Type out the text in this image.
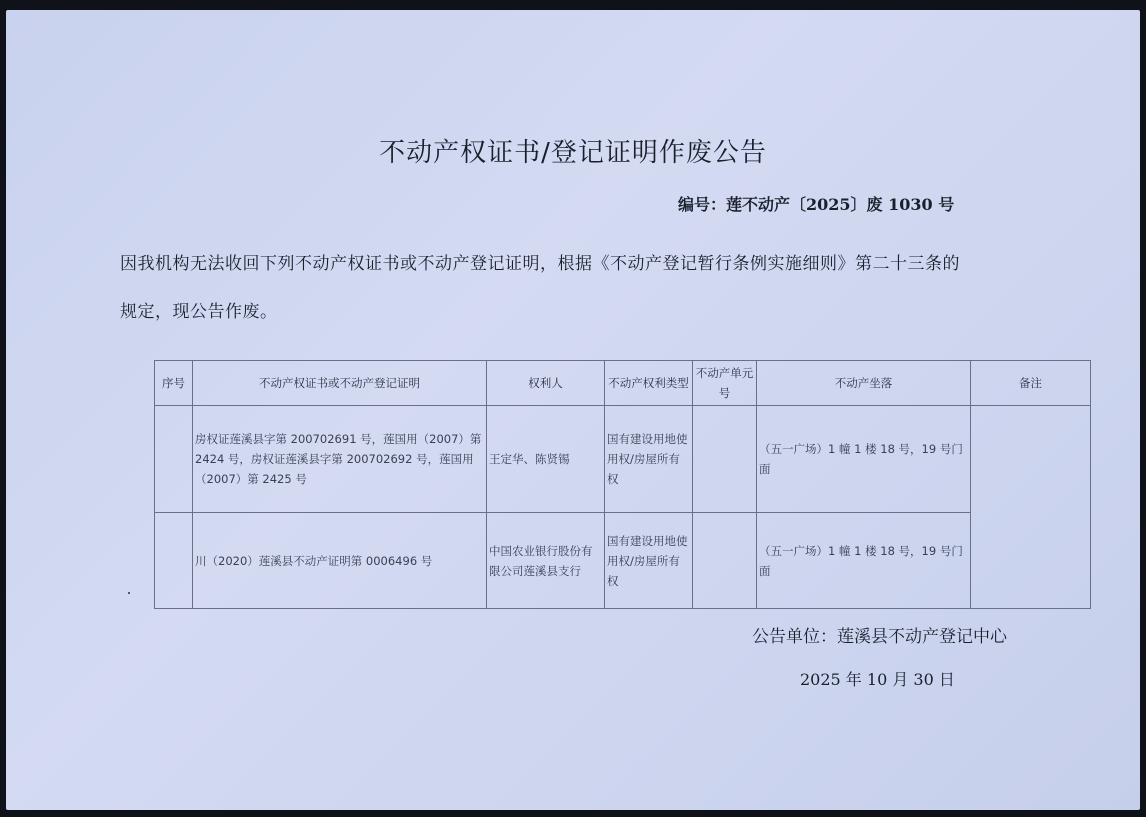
不动产权证书/登记证明作废公告
编号：莲不动产〔2025〕废 1030 号
因我机构无法收回下列不动产权证书或不动产登记证明，根据《不动产登记暂行条例实施细则》第二十三条的
规定，现公告作废。
序号	不动产权证书或不动产登记证明	权利人	不动产权利类型	不动产单元号	不动产坐落	备注
	房权证莲溪县字第 200702691 号，莲国用（2007）第 2424 号，房权证莲溪县字第 200702692 号，莲国用（2007）第 2425 号	王定华、陈贤锡	国有建设用地使用权/房屋所有权		（五一广场）1 幢 1 楼 18 号，19 号门面	
	川（2020）莲溪县不动产证明第 0006496 号	中国农业银行股份有限公司莲溪县支行	国有建设用地使用权/房屋所有权		（五一广场）1 幢 1 楼 18 号，19 号门面	
公告单位：莲溪县不动产登记中心
2025 年 10 月 30 日
